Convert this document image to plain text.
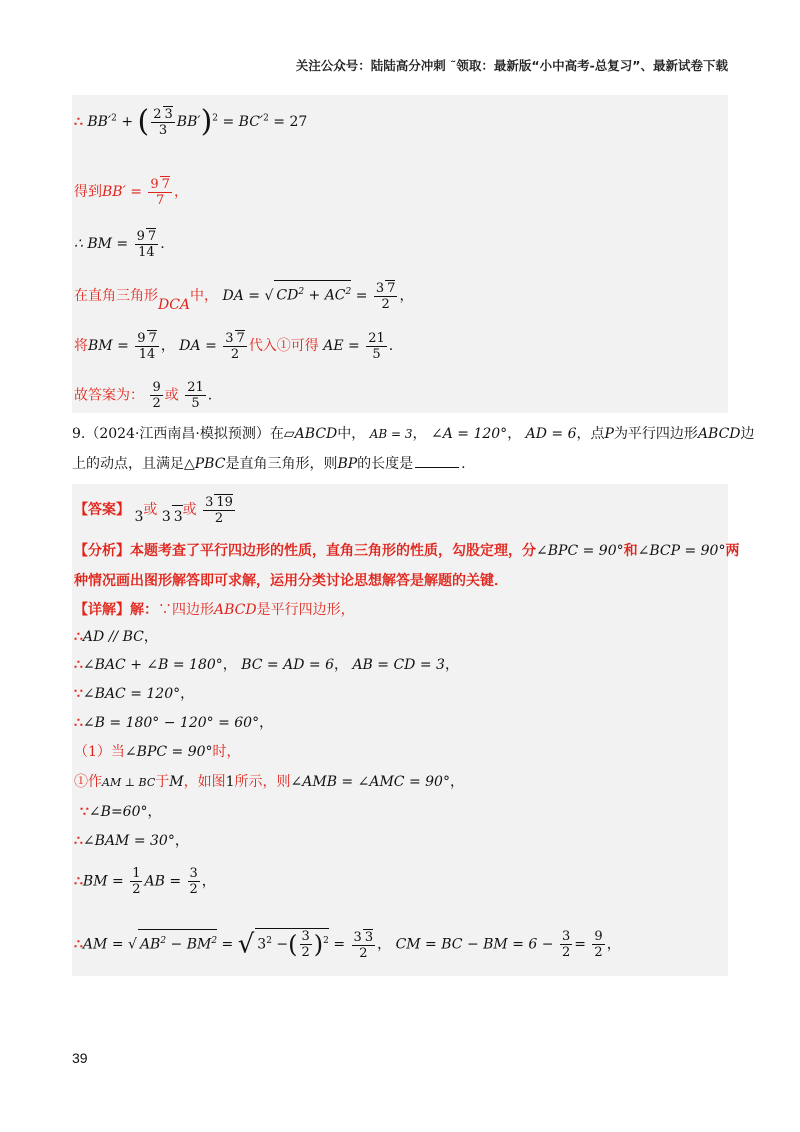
关注公众号：陆陆高分冲刺 ˜领取：最新版“小中高考-总复习”、最新试卷下载
∴ $BB'^2$ + ( $\frac{2 3}{3} BB')^2 = BC'^2 = 27$
得到$BB' = \frac{9 7}{7}$ ，
∴ BM = $\frac{9 7}{14}$ .
在直角三角形DCA中， DA = √ $CD^2 + AC^2 = \frac{3 7}{2}$ ，
将BM = $\frac{9 7}{14}$ ， DA = $\frac{3 7}{2}$ 代入①可得 AE = $\frac{21}{5}$ .
故答案为： $\frac{9}{2}$ 或 $\frac{21}{5}$ .
9.（2024·江西南昌·模拟预测）在▱ABCD中， AB = 3， ∠A = 120°， AD = 6，点P为平行四边形ABCD边
上的动点，且满足△PBC是直角三角形，则BP的长度是	.
【答案】 3或 3 3或 $\frac{3 19}{2}$
【分析】本题考查了平行四边形的性质，直角三角形的性质，勾股定理，分∠BPC = 90°和∠BCP = 90°两
种情况画出图形解答即可求解，运用分类讨论思想解答是解题的关键．
【详解】解：∵四边形ABCD是平行四边形，
∴AD // BC，
∴∠BAC + ∠B = 180°， BC = AD = 6， AB = CD = 3，
∵∠BAC = 120°，
∴∠B = 180° − 120° = 60°，
（1）当∠BPC = 90°时，
①作AM ⊥ BC于M，如图1所示，则∠AMB = ∠AMC = 90°，
∵∠B=60°，
∴∠BAM = 30°，
∴BM = $\frac{1}{2}$ AB = $\frac{3}{2}$ ，
∴AM = √ $AB^2 - BM^2$ = √ $3^2$ −( $\frac{3}{2} )^2 = \frac{3 3}{2}$ ， CM = BC − BM = $6 - \frac{3}{2} = \frac{9}{2}$ ，
39
